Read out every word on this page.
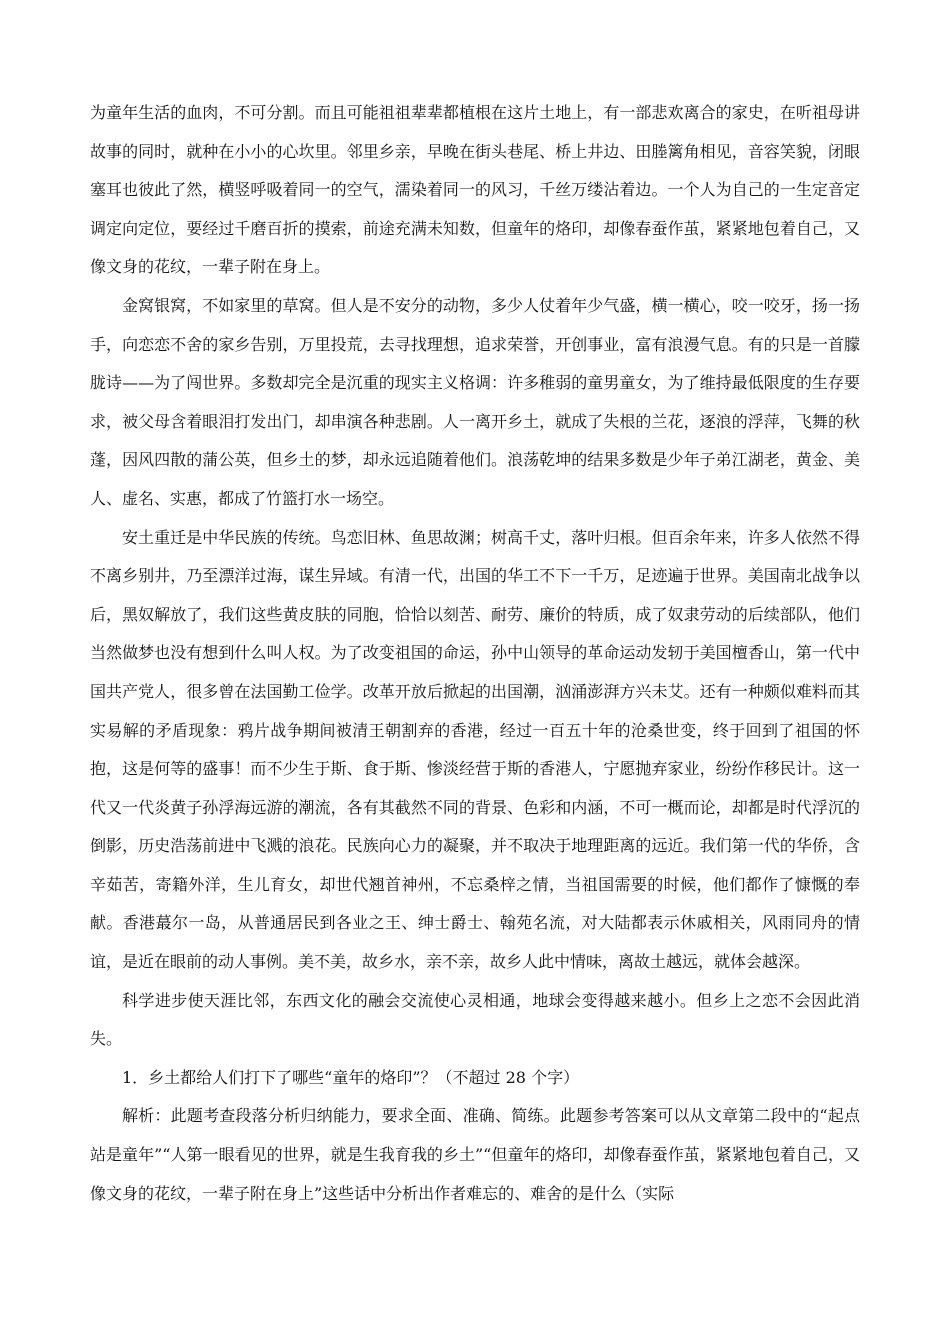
为童年生活的血肉，不可分割。而且可能祖祖辈辈都植根在这片土地上，有一部悲欢离合的家史，在听祖母讲故事的同时，就种在小小的心坎里。邻里乡亲，早晚在街头巷尾、桥上井边、田塍篱角相见，音容笑貌，闭眼塞耳也彼此了然，横竖呼吸着同一的空气，濡染着同一的风习，千丝万缕沾着边。一个人为自己的一生定音定调定向定位，要经过千磨百折的摸索，前途充满未知数，但童年的烙印，却像春蚕作茧，紧紧地包着自己，又像文身的花纹，一辈子附在身上。

金窝银窝，不如家里的草窝。但人是不安分的动物，多少人仗着年少气盛，横一横心，咬一咬牙，扬一扬手，向恋恋不舍的家乡告别，万里投荒，去寻找理想，追求荣誉，开创事业，富有浪漫气息。有的只是一首朦胧诗——为了闯世界。多数却完全是沉重的现实主义格调：许多稚弱的童男童女，为了维持最低限度的生存要求，被父母含着眼泪打发出门，却串演各种悲剧。人一离开乡土，就成了失根的兰花，逐浪的浮萍，飞舞的秋蓬，因风四散的蒲公英，但乡土的梦，却永远追随着他们。浪荡乾坤的结果多数是少年子弟江湖老，黄金、美人、虚名、实惠，都成了竹篮打水一场空。

安土重迁是中华民族的传统。鸟恋旧林、鱼思故渊；树高千丈，落叶归根。但百余年来，许多人依然不得不离乡别井，乃至漂洋过海，谋生异域。有清一代，出国的华工不下一千万，足迹遍于世界。美国南北战争以后，黑奴解放了，我们这些黄皮肤的同胞，恰恰以刻苦、耐劳、廉价的特质，成了奴隶劳动的后续部队，他们当然做梦也没有想到什么叫人权。为了改变祖国的命运，孙中山领导的革命运动发轫于美国檀香山，第一代中国共产党人，很多曾在法国勤工俭学。改革开放后掀起的出国潮，汹涌澎湃方兴未艾。还有一种颇似难料而其实易解的矛盾现象：鸦片战争期间被清王朝割弃的香港，经过一百五十年的沧桑世变，终于回到了祖国的怀抱，这是何等的盛事！而不少生于斯、食于斯、惨淡经营于斯的香港人，宁愿抛弃家业，纷纷作移民计。这一代又一代炎黄子孙浮海远游的潮流，各有其截然不同的背景、色彩和内涵，不可一概而论，却都是时代浮沉的倒影，历史浩荡前进中飞溅的浪花。民族向心力的凝聚，并不取决于地理距离的远近。我们第一代的华侨，含辛茹苦，寄籍外洋，生儿育女，却世代翘首神州，不忘桑梓之情，当祖国需要的时候，他们都作了慷慨的奉献。香港蕞尔一岛，从普通居民到各业之王、绅士爵士、翰苑名流，对大陆都表示休戚相关，风雨同舟的情谊，是近在眼前的动人事例。美不美，故乡水，亲不亲，故乡人此中情味，离故土越远，就体会越深。

科学进步使天涯比邻，东西文化的融会交流使心灵相通，地球会变得越来越小。但乡上之恋不会因此消失。

1．乡土都给人们打下了哪些“童年的烙印”？（不超过 28 个字）

解析：此题考查段落分析归纳能力，要求全面、准确、简练。此题参考答案可以从文章第二段中的“起点站是童年”“人第一眼看见的世界，就是生我育我的乡土”“但童年的烙印，却像春蚕作茧，紧紧地包着自己，又像文身的花纹，一辈子附在身上”这些话中分析出作者难忘的、难舍的是什么（实际
